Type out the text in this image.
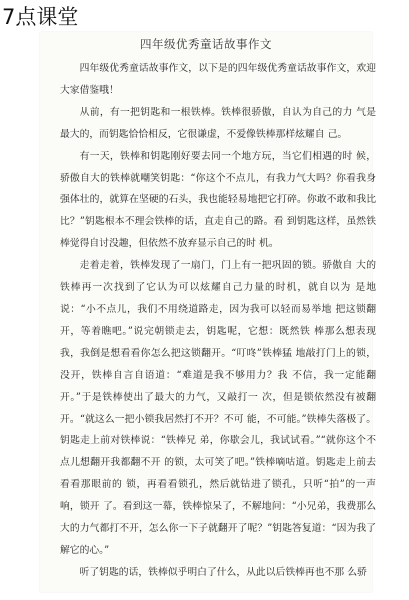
7点课堂
四年级优秀童话故事作文

四年级优秀童话故事作文，以下是的四年级优秀童话故事作文，欢迎大家借鉴哦！

从前，有一把钥匙和一根铁棒。铁棒很骄傲，自认为自己的力 气是最大的，而钥匙恰恰相反，它很谦虚，不爱像铁棒那样炫耀自 己。

有一天，铁棒和钥匙刚好要去同一个地方玩，当它们相遇的时 候，骄傲自大的铁棒就嘲笑钥匙：“你这个不点儿，有我力气大吗？你看我身强体壮的，就算在坚硬的石头，我也能轻易地把它打碎。你敢不敢和我比比？”钥匙根本不理会铁棒的话，直走自己的路。看 到钥匙这样，虽然铁棒觉得自讨没趣，但依然不放弃显示自己的时 机。

走着走着，铁棒发现了一扇门，门上有一把巩固的锁。骄傲自 大的铁棒再一次找到了它认为可以炫耀自己力量的时机，就自以为 是地说：“小不点儿，我们不用绕道路走，因为我可以轻而易举地 把这锁翻开，等着瞧吧。”说完朝锁走去，钥匙呢，它想：既然铁 棒那么想表现我，我倒是想看看你怎么把这锁翻开。“叮咚”铁棒猛 地敲打门上的锁，没开，铁棒自言自语道：“难道是我不够用力？我 不信，我一定能翻开。”于是铁棒使出了最大的力气，又敲打一 次，但是锁依然没有被翻开。“就这么一把小锁我居然打不开？不可 能，不可能。”铁棒失落极了。钥匙走上前对铁棒说：“铁棒兄 弟，你歇会儿，我试试看。”“就你这个不点儿想翻开我都翻不开 的锁，太可笑了吧。”铁棒嘀咕道。钥匙走上前去看看那眼前的 锁，再看看锁孔，然后就钻进了锁孔，只听“拍”的一声响，锁开 了。看到这一幕，铁棒惊呆了，不解地问：“小兄弟，我费那么大的力气都打不开，怎么你一下子就翻开了呢？”钥匙答复道：“因为我了解它的心。”

听了钥匙的话，铁棒似乎明白了什么，从此以后铁棒再也不那 么骄
